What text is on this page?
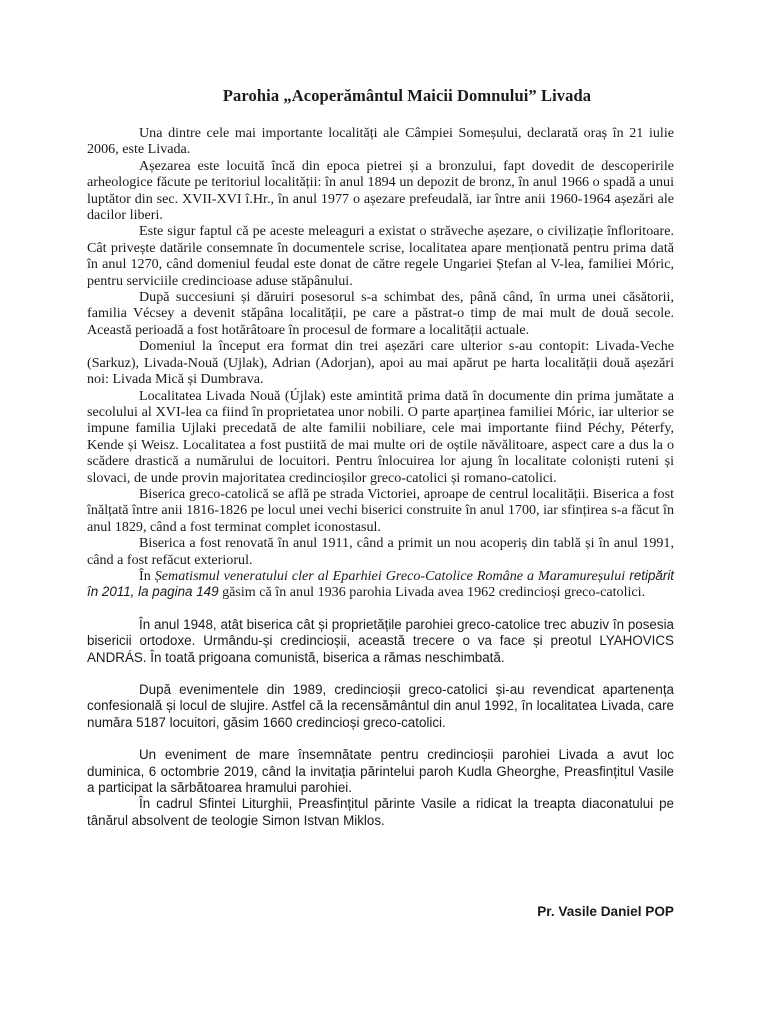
Parohia „Acoperământul Maicii Domnului” Livada

Una dintre cele mai importante localități ale Câmpiei Someșului, declarată oraș în 21 iulie 2006, este Livada.

Așezarea este locuită încă din epoca pietrei și a bronzului, fapt dovedit de descoperirile arheologice făcute pe teritoriul localității: în anul 1894 un depozit de bronz, în anul 1966 o spadă a unui luptător din sec. XVII-XVI î.Hr., în anul 1977 o așezare prefeudală, iar între anii 1960-1964 așezări ale dacilor liberi.

Este sigur faptul că pe aceste meleaguri a existat o străveche așezare, o civilizație înfloritoare. Cât privește datările consemnate în documentele scrise, localitatea apare menționată pentru prima dată în anul 1270, când domeniul feudal este donat de către regele Ungariei Ștefan al V-lea, familiei Móric, pentru serviciile credincioase aduse stăpânului.

După succesiuni și dăruiri posesorul s-a schimbat des, până când, în urma unei căsătorii, familia Vécsey a devenit stăpâna localității, pe care a păstrat-o timp de mai mult de două secole. Această perioadă a fost hotărâtoare în procesul de formare a localității actuale.

Domeniul la început era format din trei așezări care ulterior s-au contopit: Livada-Veche (Sarkuz), Livada-Nouă (Ujlak), Adrian (Adorjan), apoi au mai apărut pe harta localității două așezări noi: Livada Mică și Dumbrava.

Localitatea Livada Nouă (Újlak) este amintită prima dată în documente din prima jumătate a secolului al XVI-lea ca fiind în proprietatea unor nobili. O parte aparținea familiei Móric, iar ulterior se impune familia Ujlaki precedată de alte familii nobiliare, cele mai importante fiind Péchy, Péterfy, Kende și Weisz. Localitatea a fost pustiită de mai multe ori de oștile năvălitoare, aspect care a dus la o scădere drastică a numărului de locuitori. Pentru înlocuirea lor ajung în localitate coloniști ruteni și slovaci, de unde provin majoritatea credincioșilor greco-catolici și romano-catolici.

Biserica greco-catolică se află pe strada Victoriei, aproape de centrul localității. Biserica a fost înălțată între anii 1816-1826 pe locul unei vechi biserici construite în anul 1700, iar sfințirea s-a făcut în anul 1829, când a fost terminat complet iconostasul.

Biserica a fost renovată în anul 1911, când a primit un nou acoperiș din tablă și în anul 1991, când a fost refăcut exteriorul.

În Șematismul veneratului cler al Eparhiei Greco-Catolice Române a Maramureșului retipărit în 2011, la pagina 149 găsim că în anul 1936 parohia Livada avea 1962 credincioși greco-catolici.

În anul 1948, atât biserica cât și proprietățile parohiei greco-catolice trec abuziv în posesia bisericii ortodoxe. Urmându-și credincioșii, această trecere o va face și preotul LYAHOVICS ANDRÁS. În toată prigoana comunistă, biserica a rămas neschimbată.

După evenimentele din 1989, credincioșii greco-catolici și-au revendicat apartenența confesională și locul de slujire. Astfel că la recensământul din anul 1992, în localitatea Livada, care număra 5187 locuitori, găsim 1660 credincioși greco-catolici.

Un eveniment de mare însemnătate pentru credincioșii parohiei Livada a avut loc duminica, 6 octombrie 2019, când la invitația părintelui paroh Kudla Gheorghe, Preasfințitul Vasile a participat la sărbătoarea hramului parohiei.

În cadrul Sfintei Liturghii, Preasfințitul părinte Vasile a ridicat la treapta diaconatului pe tânărul absolvent de teologie Simon Istvan Miklos.

Pr. Vasile Daniel POP
